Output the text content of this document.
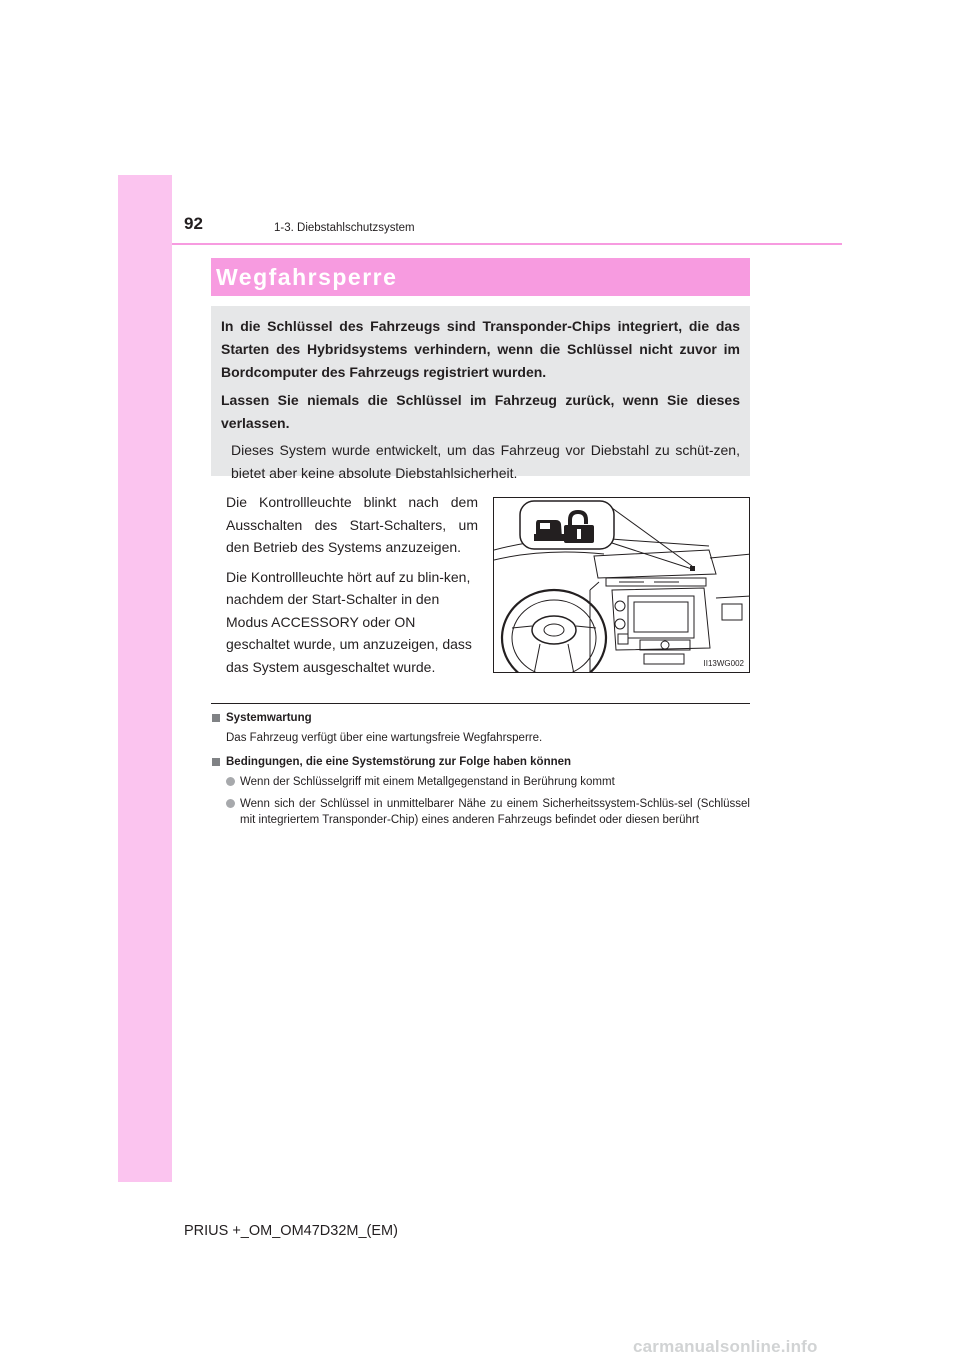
92	1-3. Diebstahlschutzsystem
Wegfahrsperre

In die Schlüssel des Fahrzeugs sind Transponder-Chips integriert, die das Starten des Hybridsystems verhindern, wenn die Schlüssel nicht zuvor im Bordcomputer des Fahrzeugs registriert wurden.

Lassen Sie niemals die Schlüssel im Fahrzeug zurück, wenn Sie dieses verlassen.

Dieses System wurde entwickelt, um das Fahrzeug vor Diebstahl zu schüt-zen, bietet aber keine absolute Diebstahlsicherheit.

Die Kontrollleuchte blinkt nach dem Ausschalten des Start-Schalters, um den Betrieb des Systems anzuzeigen.

Die Kontrollleuchte hört auf zu blin-ken, nachdem der Start-Schalter in den Modus ACCESSORY oder ON geschaltet wurde, um anzuzeigen, dass das System ausgeschaltet wurde.	II13WG002

Systemwartung

Das Fahrzeug verfügt über eine wartungsfreie Wegfahrsperre.

Bedingungen, die eine Systemstörung zur Folge haben können

Wenn der Schlüsselgriff mit einem Metallgegenstand in Berührung kommt
Wenn sich der Schlüssel in unmittelbarer Nähe zu einem Sicherheitssystem-Schlüs-sel (Schlüssel mit integriertem Transponder-Chip) eines anderen Fahrzeugs befindet oder diesen berührt
PRIUS +_OM_OM47D32M_(EM)
carmanualsonline.info
